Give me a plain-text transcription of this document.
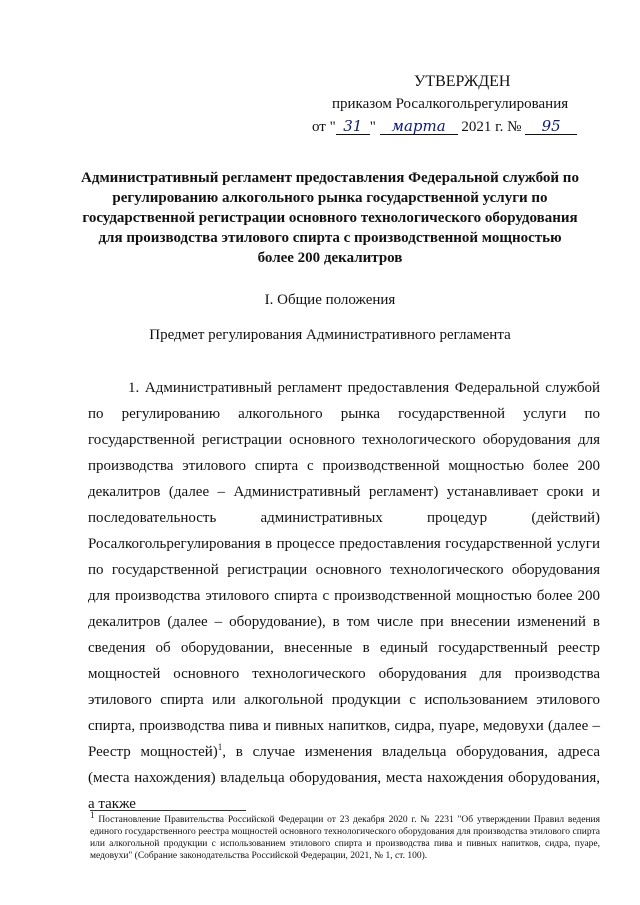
УТВЕРЖДЕН
приказом Росалкогольрегулирования
от " 31 " марта 2021 г. № 95
Административный регламент предоставления Федеральной службой по регулированию алкогольного рынка государственной услуги по государственной регистрации основного технологического оборудования для производства этилового спирта с производственной мощностью более 200 декалитров
I. Общие положения
Предмет регулирования Административного регламента

1. Административный регламент предоставления Федеральной службой по регулированию алкогольного рынка государственной услуги по государственной регистрации основного технологического оборудования для производства этилового спирта с производственной мощностью более 200 декалитров (далее – Административный регламент) устанавливает сроки и последовательность административных процедур (действий) Росалкогольрегулирования в процессе предоставления государственной услуги по государственной регистрации основного технологического оборудования для производства этилового спирта с производственной мощностью более 200 декалитров (далее – оборудование), в том числе при внесении изменений в сведения об оборудовании, внесенные в единый государственный реестр мощностей основного технологического оборудования для производства этилового спирта или алкогольной продукции с использованием этилового спирта, производства пива и пивных напитков, сидра, пуаре, медовухи (далее – Реестр мощностей)$^1$, в случае изменения владельца оборудования, адреса (места нахождения) владельца оборудования, места нахождения оборудования, а также

$^1$ Постановление Правительства Российской Федерации от 23 декабря 2020 г. № 2231 "Об утверждении Правил ведения единого государственного реестра мощностей основного технологического оборудования для производства этилового спирта или алкогольной продукции с использованием этилового спирта и производства пива и пивных напитков, сидра, пуаре, медовухи" (Собрание законодательства Российской Федерации, 2021, № 1, ст. 100).
